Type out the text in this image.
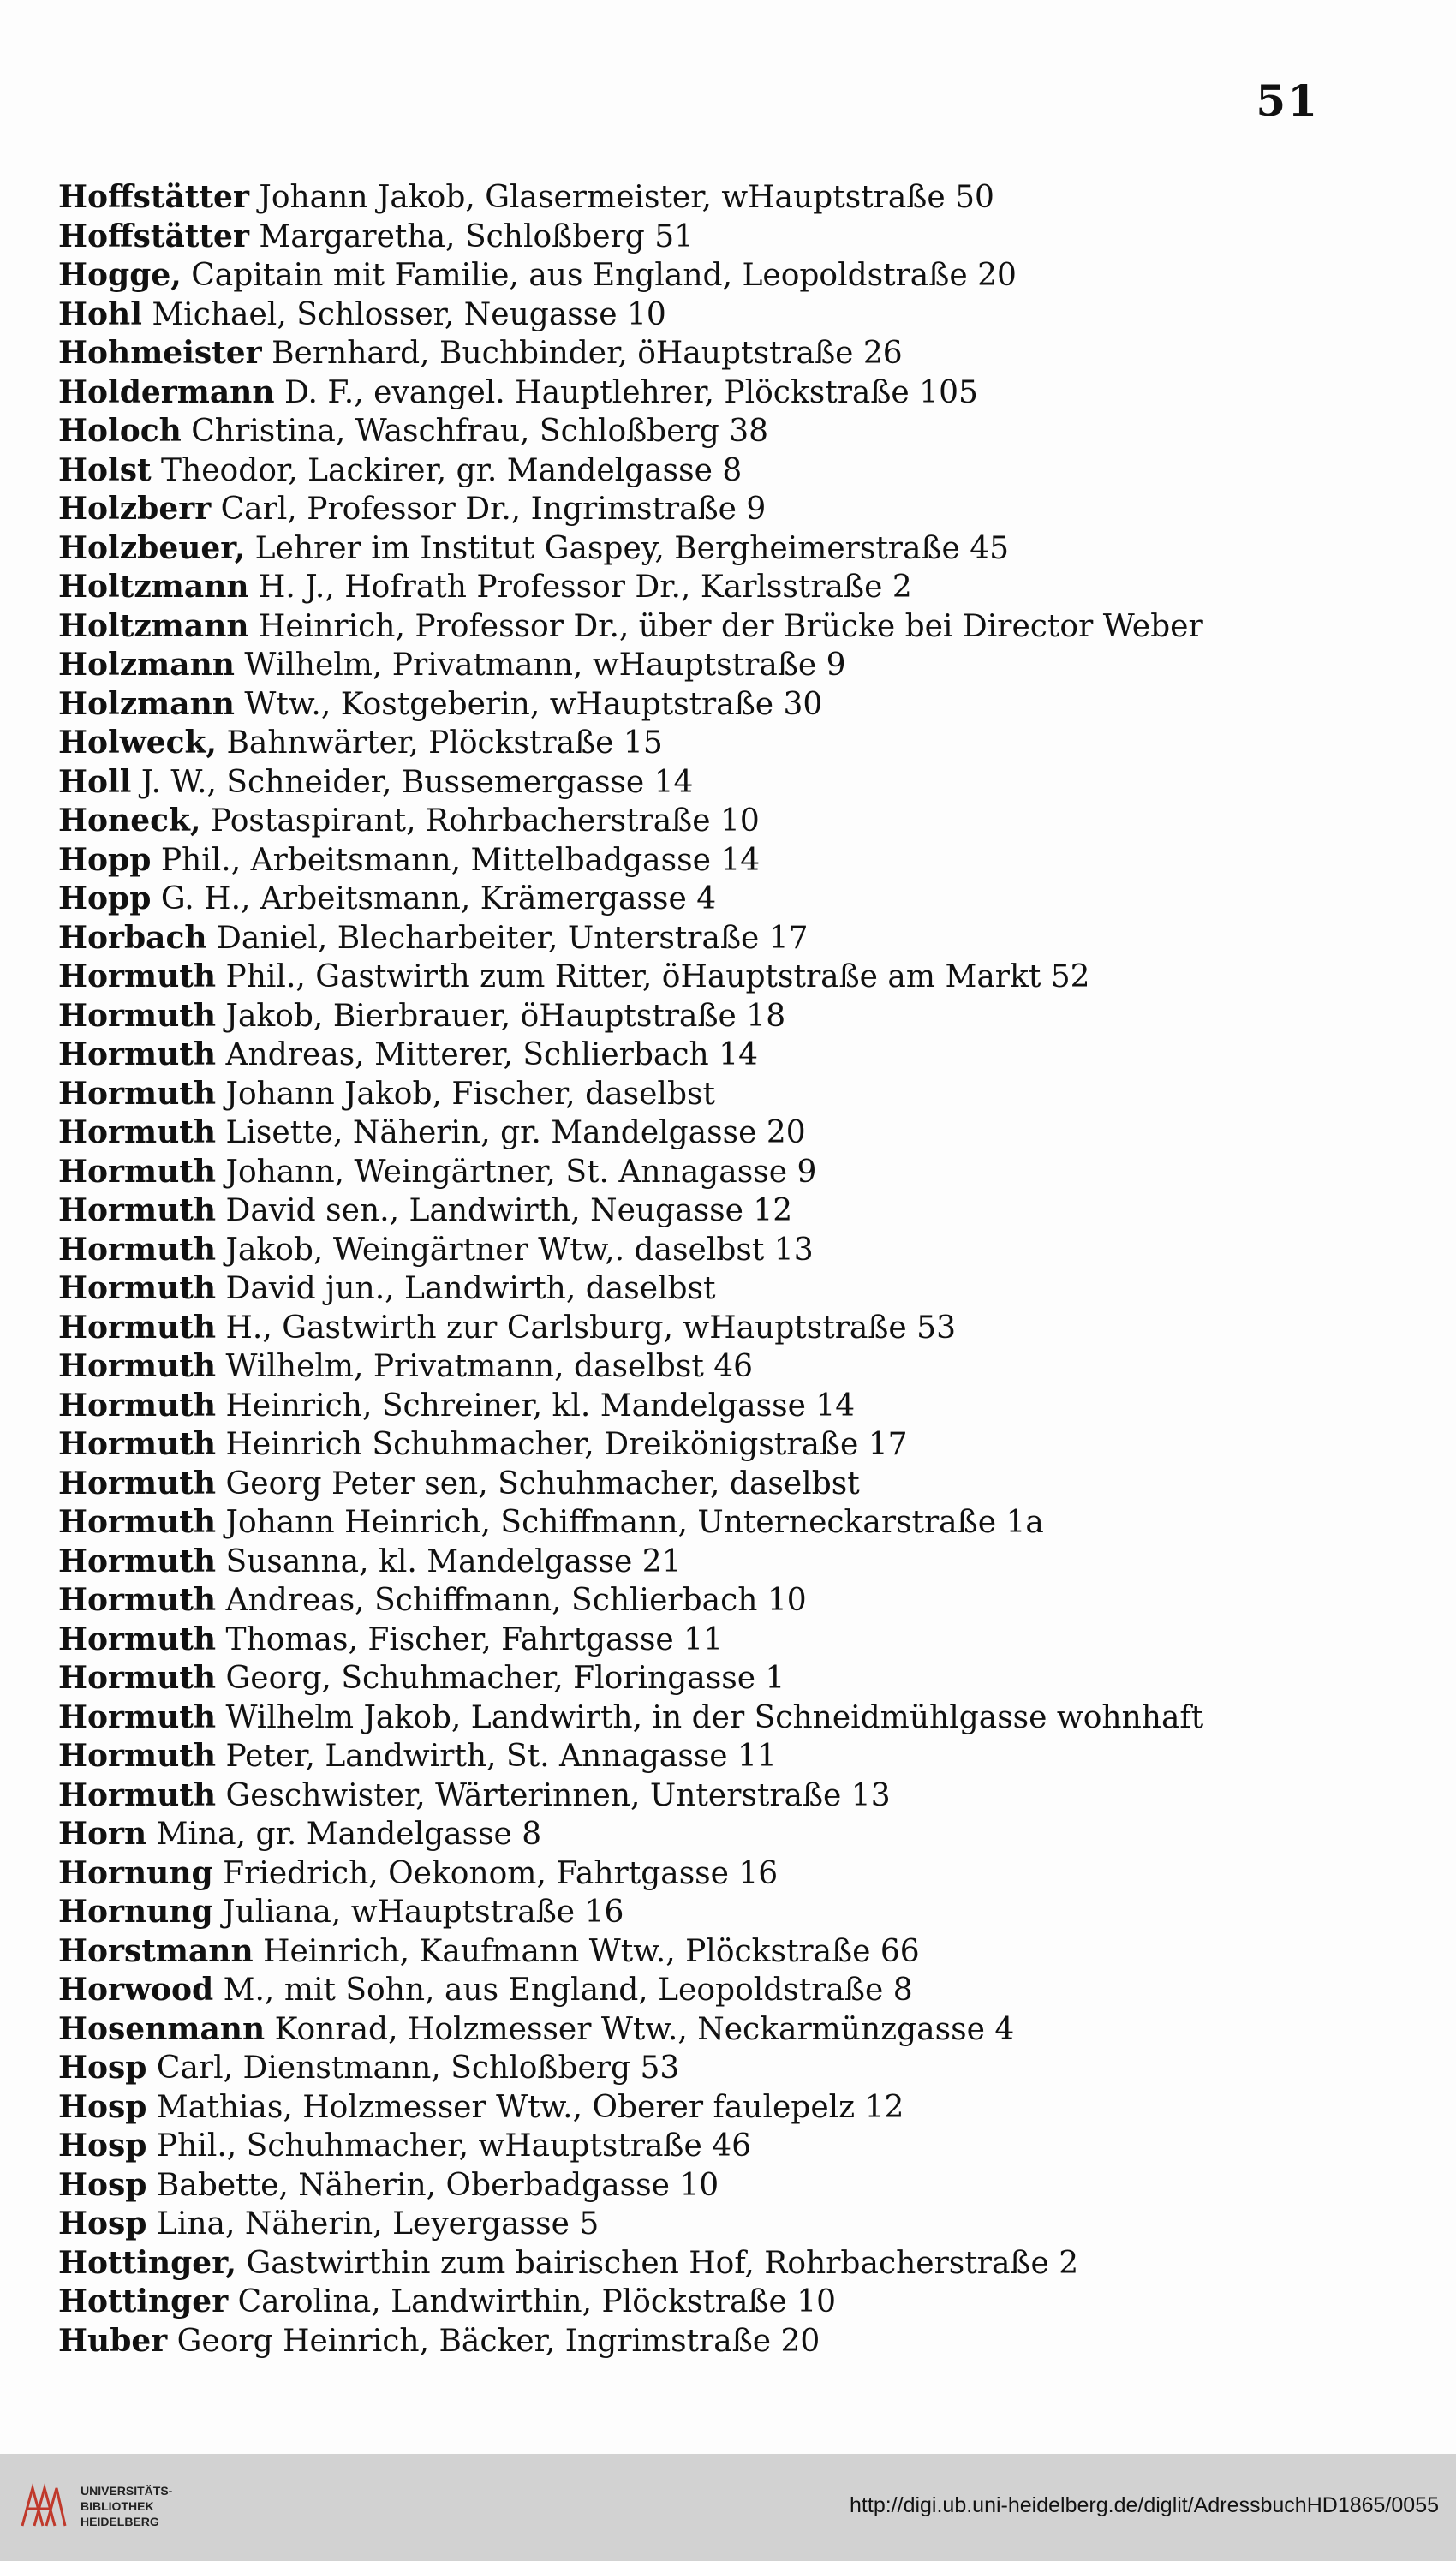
51
Hoffstätter Johann Jakob, Glasermeister, wHauptstraße 50
Hoffstätter Margaretha, Schloßberg 51
Hogge, Capitain mit Familie, aus England, Leopoldstraße 20
Hohl Michael, Schlosser, Neugasse 10
Hohmeister Bernhard, Buchbinder, öHauptstraße 26
Holdermann D. F., evangel. Hauptlehrer, Plöckstraße 105
Holoch Christina, Waschfrau, Schloßberg 38
Holst Theodor, Lackirer, gr. Mandelgasse 8
Holzberr Carl, Professor Dr., Ingrimstraße 9
Holzbeuer, Lehrer im Institut Gaspey, Bergheimerstraße 45
Holtzmann H. J., Hofrath Professor Dr., Karlsstraße 2
Holtzmann Heinrich, Professor Dr., über der Brücke bei Director Weber
Holzmann Wilhelm, Privatmann, wHauptstraße 9
Holzmann Wtw., Kostgeberin, wHauptstraße 30
Holweck, Bahnwärter, Plöckstraße 15
Holl J. W., Schneider, Bussemergasse 14
Honeck, Postaspirant, Rohrbacherstraße 10
Hopp Phil., Arbeitsmann, Mittelbadgasse 14
Hopp G. H., Arbeitsmann, Krämergasse 4
Horbach Daniel, Blecharbeiter, Unterstraße 17
Hormuth Phil., Gastwirth zum Ritter, öHauptstraße am Markt 52
Hormuth Jakob, Bierbrauer, öHauptstraße 18
Hormuth Andreas, Mitterer, Schlierbach 14
Hormuth Johann Jakob, Fischer, daselbst
Hormuth Lisette, Näherin, gr. Mandelgasse 20
Hormuth Johann, Weingärtner, St. Annagasse 9
Hormuth David sen., Landwirth, Neugasse 12
Hormuth Jakob, Weingärtner Wtw,. daselbst 13
Hormuth David jun., Landwirth, daselbst
Hormuth H., Gastwirth zur Carlsburg, wHauptstraße 53
Hormuth Wilhelm, Privatmann, daselbst 46
Hormuth Heinrich, Schreiner, kl. Mandelgasse 14
Hormuth Heinrich Schuhmacher, Dreikönigstraße 17
Hormuth Georg Peter sen, Schuhmacher, daselbst
Hormuth Johann Heinrich, Schiffmann, Unterneckarstraße 1a
Hormuth Susanna, kl. Mandelgasse 21
Hormuth Andreas, Schiffmann, Schlierbach 10
Hormuth Thomas, Fischer, Fahrtgasse 11
Hormuth Georg, Schuhmacher, Floringasse 1
Hormuth Wilhelm Jakob, Landwirth, in der Schneidmühlgasse wohnhaft
Hormuth Peter, Landwirth, St. Annagasse 11
Hormuth Geschwister, Wärterinnen, Unterstraße 13
Horn Mina, gr. Mandelgasse 8
Hornung Friedrich, Oekonom, Fahrtgasse 16
Hornung Juliana, wHauptstraße 16
Horstmann Heinrich, Kaufmann Wtw., Plöckstraße 66
Horwood M., mit Sohn, aus England, Leopoldstraße 8
Hosenmann Konrad, Holzmesser Wtw., Neckarmünzgasse 4
Hosp Carl, Dienstmann, Schloßberg 53
Hosp Mathias, Holzmesser Wtw., Oberer faulepelz 12
Hosp Phil., Schuhmacher, wHauptstraße 46
Hosp Babette, Näherin, Oberbadgasse 10
Hosp Lina, Näherin, Leyergasse 5
Hottinger, Gastwirthin zum bairischen Hof, Rohrbacherstraße 2
Hottinger Carolina, Landwirthin, Plöckstraße 10
Huber Georg Heinrich, Bäcker, Ingrimstraße 20
UNIVERSITÄTS-
BIBLIOTHEK
HEIDELBERG
http://digi.ub.uni-heidelberg.de/diglit/AdressbuchHD1865/0055
